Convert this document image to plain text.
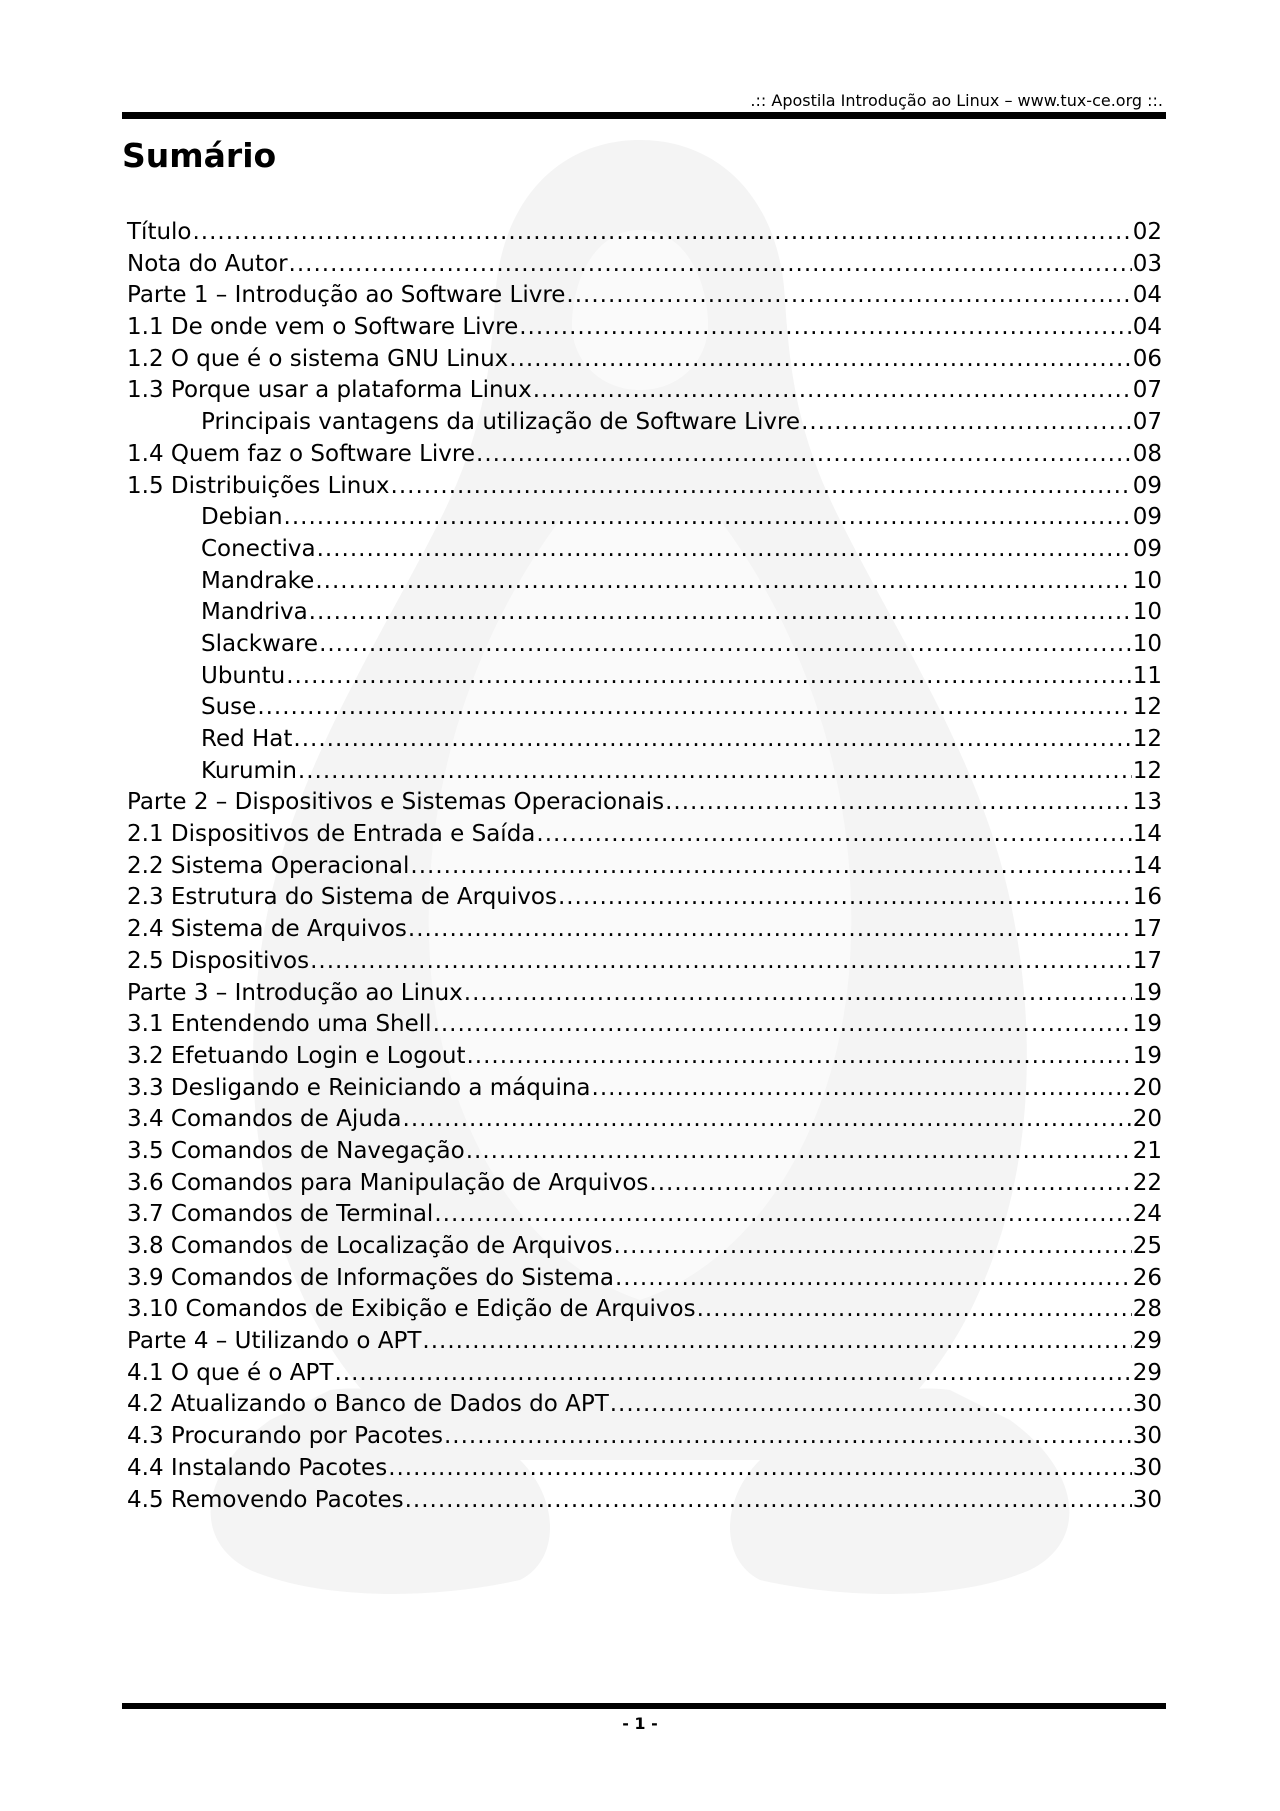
.:: Apostila Introdução ao Linux – www.tux-ce.org ::.
Sumário
Título .....	02
Nota do Autor .....	03
Parte 1 – Introdução ao Software Livre .....	04
1.1 De onde vem o Software Livre .....	04
1.2 O que é o sistema GNU Linux .....	06
1.3 Porque usar a plataforma Linux .....	07
Principais vantagens da utilização de Software Livre .....	07
1.4 Quem faz o Software Livre .....	08
1.5 Distribuições Linux .....	09
Debian .....	09
Conectiva .....	09
Mandrake .....	10
Mandriva .....	10
Slackware .....	10
Ubuntu .....	11
Suse .....	12
Red Hat .....	12
Kurumin .....	12
Parte 2 – Dispositivos e Sistemas Operacionais .....	13
2.1 Dispositivos de Entrada e Saída .....	14
2.2 Sistema Operacional .....	14
2.3 Estrutura do Sistema de Arquivos .....	16
2.4 Sistema de Arquivos .....	17
2.5 Dispositivos .....	17
Parte 3 – Introdução ao Linux .....	19
3.1 Entendendo uma Shell .....	19
3.2 Efetuando Login e Logout .....	19
3.3 Desligando e Reiniciando a máquina .....	20
3.4 Comandos de Ajuda .....	20
3.5 Comandos de Navegação .....	21
3.6 Comandos para Manipulação de Arquivos .....	22
3.7 Comandos de Terminal .....	24
3.8 Comandos de Localização de Arquivos .....	25
3.9 Comandos de Informações do Sistema .....	26
3.10 Comandos de Exibição e Edição de Arquivos .....	28
Parte 4 – Utilizando o APT .....	29
4.1 O que é o APT .....	29
4.2 Atualizando o Banco de Dados do APT .....	30
4.3 Procurando por Pacotes .....	30
4.4 Instalando Pacotes .....	30
4.5 Removendo Pacotes .....	30
- 1 -
